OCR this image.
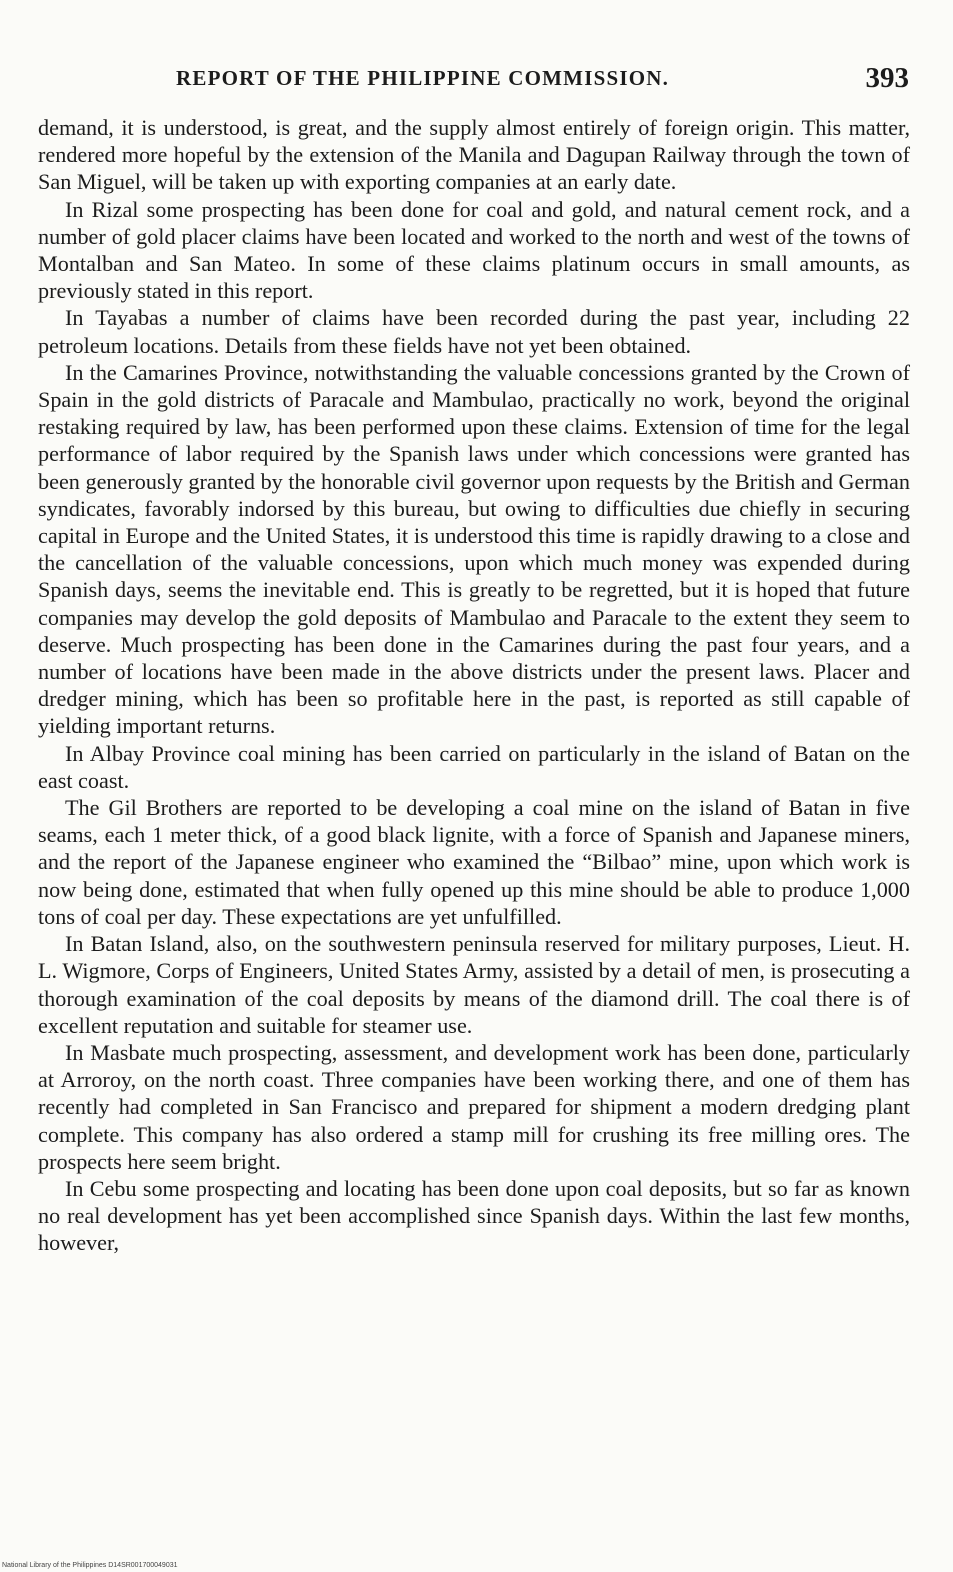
REPORT OF THE PHILIPPINE COMMISSION.	393

demand, it is understood, is great, and the supply almost entirely of foreign origin. This matter, rendered more hopeful by the extension of the Manila and Dagupan Railway through the town of San Miguel, will be taken up with exporting companies at an early date.

In Rizal some prospecting has been done for coal and gold, and natural cement rock, and a number of gold placer claims have been located and worked to the north and west of the towns of Montalban and San Mateo. In some of these claims platinum occurs in small amounts, as previously stated in this report.

In Tayabas a number of claims have been recorded during the past year, including 22 petroleum locations. Details from these fields have not yet been obtained.

In the Camarines Province, notwithstanding the valuable concessions granted by the Crown of Spain in the gold districts of Paracale and Mambulao, practically no work, beyond the original restaking required by law, has been performed upon these claims. Extension of time for the legal performance of labor required by the Spanish laws under which concessions were granted has been generously granted by the honorable civil governor upon requests by the British and German syndicates, favorably indorsed by this bureau, but owing to difficulties due chiefly in securing capital in Europe and the United States, it is understood this time is rapidly drawing to a close and the cancellation of the valuable concessions, upon which much money was expended during Spanish days, seems the inevitable end. This is greatly to be regretted, but it is hoped that future companies may develop the gold deposits of Mambulao and Paracale to the extent they seem to deserve. Much prospecting has been done in the Camarines during the past four years, and a number of locations have been made in the above districts under the present laws. Placer and dredger mining, which has been so profitable here in the past, is reported as still capable of yielding important returns.

In Albay Province coal mining has been carried on particularly in the island of Batan on the east coast.

The Gil Brothers are reported to be developing a coal mine on the island of Batan in five seams, each 1 meter thick, of a good black lignite, with a force of Spanish and Japanese miners, and the report of the Japanese engineer who examined the “Bilbao” mine, upon which work is now being done, estimated that when fully opened up this mine should be able to produce 1,000 tons of coal per day. These expectations are yet unfulfilled.

In Batan Island, also, on the southwestern peninsula reserved for military purposes, Lieut. H. L. Wigmore, Corps of Engineers, United States Army, assisted by a detail of men, is prosecuting a thorough examination of the coal deposits by means of the diamond drill. The coal there is of excellent reputation and suitable for steamer use.

In Masbate much prospecting, assessment, and development work has been done, particularly at Arroroy, on the north coast. Three companies have been working there, and one of them has recently had completed in San Francisco and prepared for shipment a modern dredging plant complete. This company has also ordered a stamp mill for crushing its free milling ores. The prospects here seem bright.

In Cebu some prospecting and locating has been done upon coal deposits, but so far as known no real development has yet been accomplished since Spanish days. Within the last few months, however,

National Library of the Philippines D14SR001700049031
